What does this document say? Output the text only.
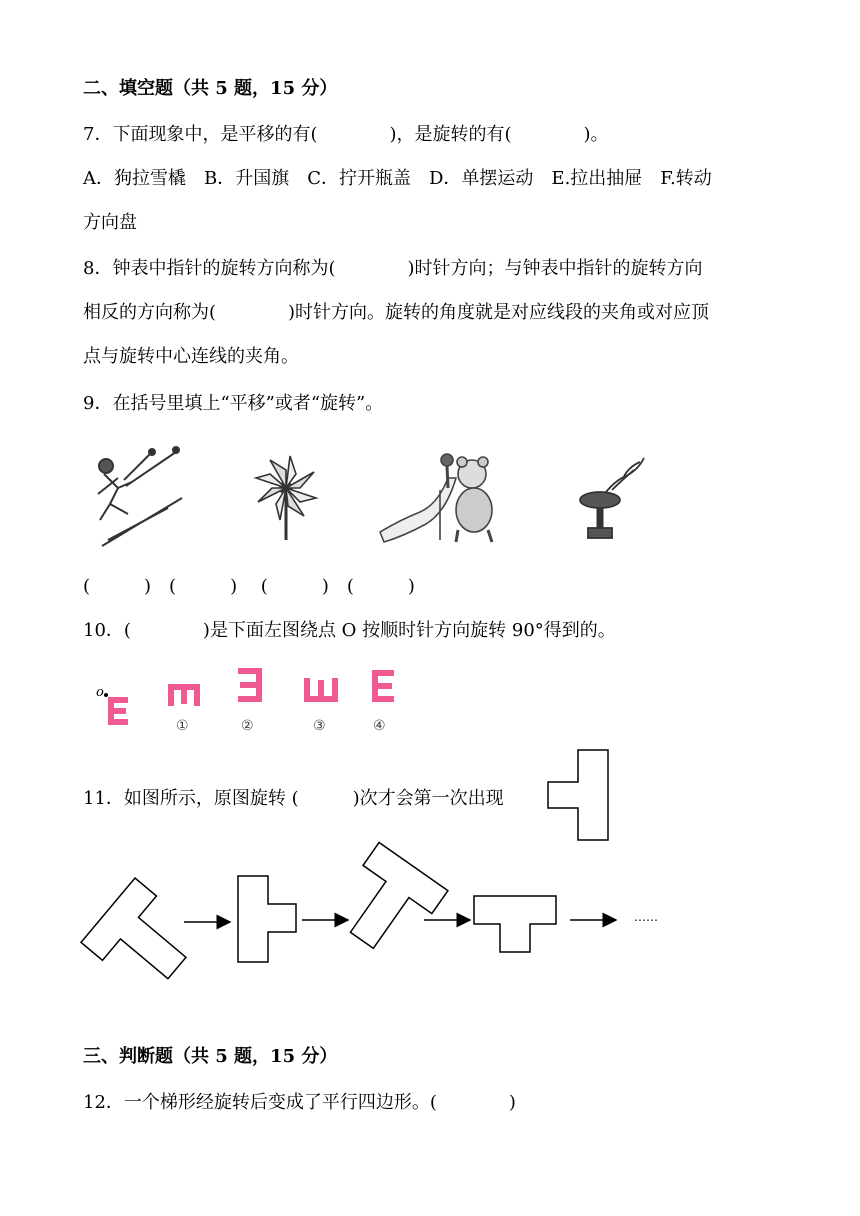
二、填空题（共 5 题，15 分）
7．下面现象中，是平移的有(　　　　)，是旋转的有(　　　　)。
A．狗拉雪橇　B．升国旗　C．拧开瓶盖　D．单摆运动　E.拉出抽屉　F.转动
方向盘
8．钟表中指针的旋转方向称为(　　　　)时针方向；与钟表中指针的旋转方向
相反的方向称为(　　　　)时针方向。旋转的角度就是对应线段的夹角或对应顶
点与旋转中心连线的夹角。
9．在括号里填上“平移”或者“旋转”。
(　　　)　(　　　)　 (　　　)　(　　　)
10．(　　　　)是下面左图绕点 O 按顺时针方向旋转 90°得到的。
o
①	②	③	④
11．如图所示，原图旋转 (　　　)次才会第一次出现
……
三、判断题（共 5 题，15 分）
12．一个梯形经旋转后变成了平行四边形。(　　　　)
